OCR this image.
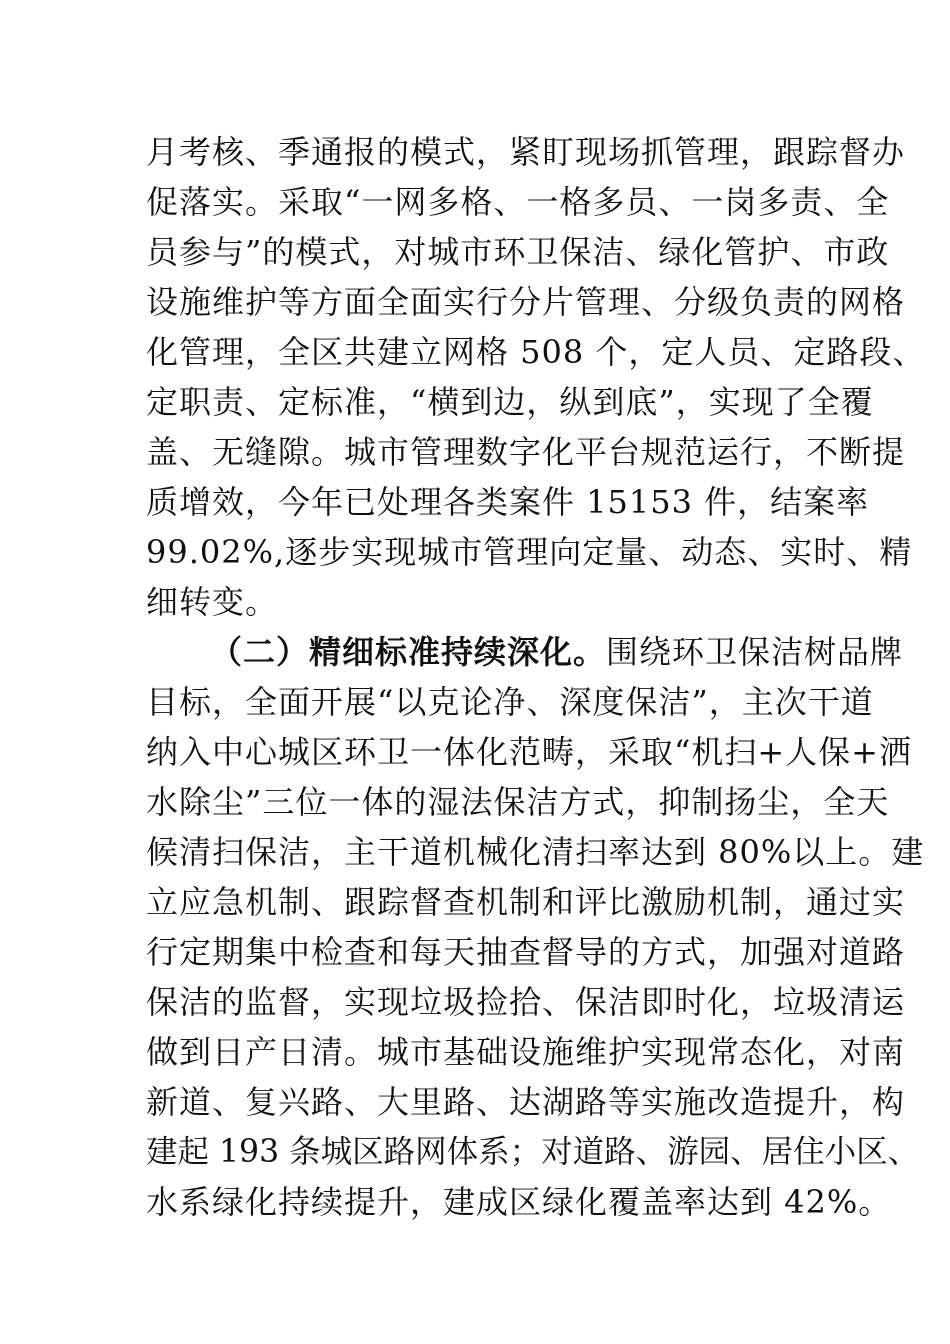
月考核、季通报的模式，紧盯现场抓管理，跟踪督办
促落实。采取“一网多格、一格多员、一岗多责、全
员参与”的模式，对城市环卫保洁、绿化管护、市政
设施维护等方面全面实行分片管理、分级负责的网格
化管理，全区共建立网格 508 个，定人员、定路段、
定职责、定标准，“横到边，纵到底”，实现了全覆
盖、无缝隙。城市管理数字化平台规范运行，不断提
质增效，今年已处理各类案件 15153 件，结案率
99.02%,逐步实现城市管理向定量、动态、实时、精
细转变。
（二）精细标准持续深化。围绕环卫保洁树品牌
目标，全面开展“以克论净、深度保洁”，主次干道
纳入中心城区环卫一体化范畴，采取“机扫+人保+洒
水除尘”三位一体的湿法保洁方式，抑制扬尘，全天
候清扫保洁，主干道机械化清扫率达到 80%以上。建
立应急机制、跟踪督查机制和评比激励机制，通过实
行定期集中检查和每天抽查督导的方式，加强对道路
保洁的监督，实现垃圾捡拾、保洁即时化，垃圾清运
做到日产日清。城市基础设施维护实现常态化，对南
新道、复兴路、大里路、达湖路等实施改造提升，构
建起 193 条城区路网体系；对道路、游园、居住小区、
水系绿化持续提升，建成区绿化覆盖率达到 42%。
